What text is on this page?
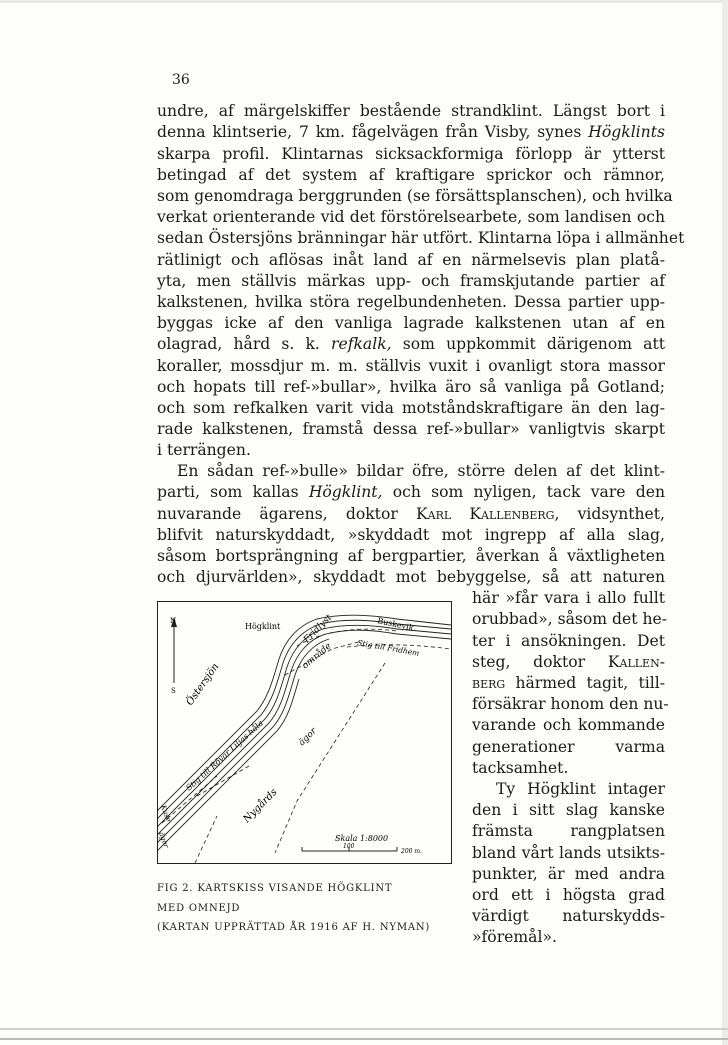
36
undre, af märgelskiffer bestående strandklint. Längst bort i
denna klintserie, 7 km. fågelvägen från Visby, synes Högklints
skarpa profil. Klintarnas sicksackformiga förlopp är ytterst
betingad af det system af kraftigare sprickor och rämnor,
som genomdraga berggrunden (se försättsplanschen), och hvilka
verkat orienterande vid det förstörelsearbete, som landisen och
sedan Östersjöns bränningar här utfört. Klintarna löpa i allmänhet
rätlinigt och aflösas inåt land af en närmelsevis plan platå-
yta, men ställvis märkas upp- och framskjutande partier af
kalkstenen, hvilka störa regelbundenheten. Dessa partier upp-
byggas icke af den vanliga lagrade kalkstenen utan af en
olagrad, hård s. k. refkalk, som uppkommit därigenom att
koraller, mossdjur m. m. ställvis vuxit i ovanligt stora massor
och hopats till ref-»bullar», hvilka äro så vanliga på Gotland;
och som refkalken varit vida motståndskraftigare än den lag-
rade kalkstenen, framstå dessa ref-»bullar» vanligtvis skarpt
i terrängen.
En sådan ref-»bulle» bildar öfre, större delen af det klint-
parti, som kallas Högklint, och som nyligen, tack vare den
nuvarande ägarens, doktor Karl Kallenberg, vidsynthet,
blifvit naturskyddadt, »skyddadt mot ingrepp af alla slag,
såsom bortsprängning af bergpartier, åverkan å växtligheten
och djurvärlden», skyddadt mot bebyggelse, så att naturen
här »får vara i allo fullt
orubbad», såsom det he-
ter i ansökningen. Det
steg, doktor Kallen-
berg härmed tagit, till-
försäkrar honom den nu-
varande och kommande
generationer varma
tacksamhet.
Ty Högklint intager
den i sitt slag kanske
främsta rangplatsen
bland vårt lands utsikts-
punkter, är med andra
ord ett i högsta grad
värdigt naturskydds-
»föremål».
N
S
Högklint
Östersjön
Fridlyst
område
Buskevik
Stig till Fridhem
Stig till Rövar Liljas håla	ägor
Nygårds
Kuse
ägor	Skala 1:8000
100
200 m.
FIG 2. KARTSKISS VISANDE HÖGKLINT
MED OMNEJD
(KARTAN UPPRÄTTAD ÅR 1916 AF H. NYMAN)
